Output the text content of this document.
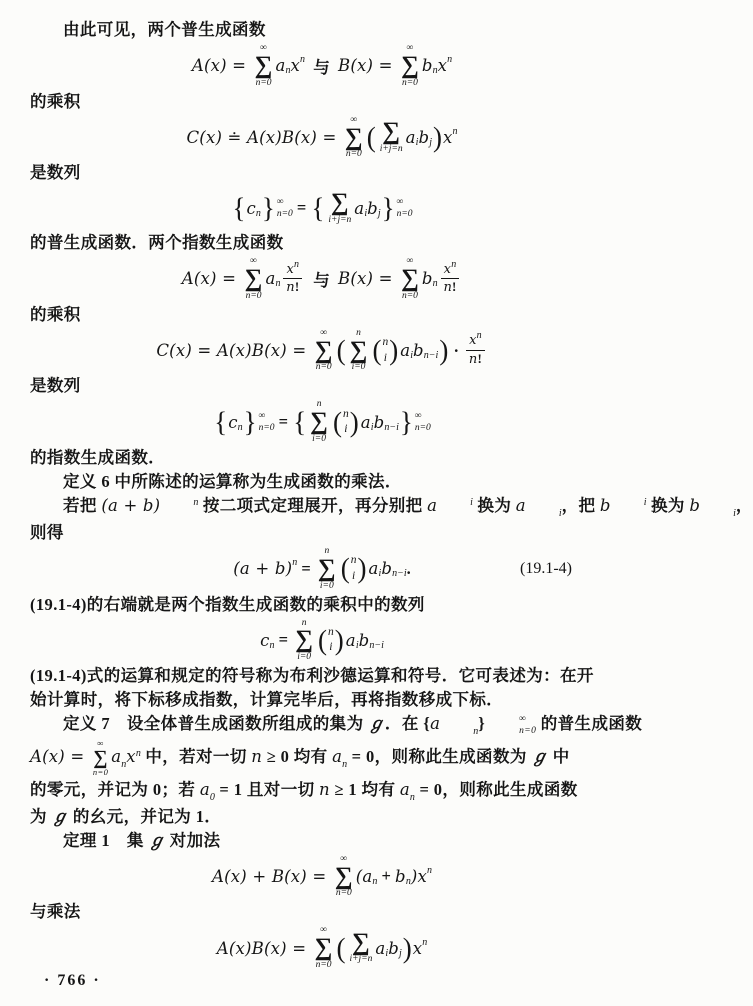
由此可见，两个普生成函数
A(x) =
∞
∑
n=0
a n x n 与 B(x) =
∞
∑
n=0
b n x n
的乘积
C(x) ≐ A(x)B(x) =
∞
∑
n=0
( ∑
i+j=n
a i b j ) x n
是数列
{ c n } ∞
n=0 = { ∑
i+j=n
a i b j } ∞
n=0
的普生成函数．两个指数生成函数
A(x) =
∞
∑
n=0
a n $\frac{xn}{n!}$ 与 B(x) =
∞
∑
n=0
b n $\frac{xn}{n!}$
的乘积
C(x) = A(x)B(x) =
∞
∑
n=0
(
n
∑
i=0
( n
i ) a i b n−i ) · $\frac{xn}{n!}$
是数列
{ c n } ∞
n=0 = {
n
∑
i=0
( n
i ) a i b n−i } ∞
n=0
的指数生成函数．
定义 6 中所陈述的运算称为生成函数的乘法．
若把 (a + b)	n 按二项式定理展开，再分别把 a	i 换为 a	i，把 b	i 换为 b	i，
则得
(a + b) n =
n
∑
i=0
( n
i ) a i b n−i .	(19.1-4)
(19.1-4)的右端就是两个指数生成函数的乘积中的数列
c n =
n
∑
i=0
( n
i ) a i b n−i
(19.1-4)式的运算和规定的符号称为布利沙德运算和符号．它可表述为：在开
始计算时，将下标移成指数，计算完毕后，再将指数移成下标．
定义 7　设全体普生成函数所组成的集为 ℊ．在 {a	n}	∞
n=0 的普生成函数
A(x) =
∞
∑
n=0
anxn 中，若对一切 n ≥ 0 均有 an = 0，则称此生成函数为 ℊ 中
的零元，并记为 0；若 a0 = 1 且对一切 n ≥ 1 均有 an = 0，则称此生成函数
为 ℊ 的幺元，并记为 1．
定理 1　集 ℊ 对加法
A(x) + B(x) =
∞
∑
n=0
( a n + b n ) x n
与乘法
A(x)B(x) =
∞
∑
n=0
( ∑
i+j=n
a i b j ) x n
· 766 ·
